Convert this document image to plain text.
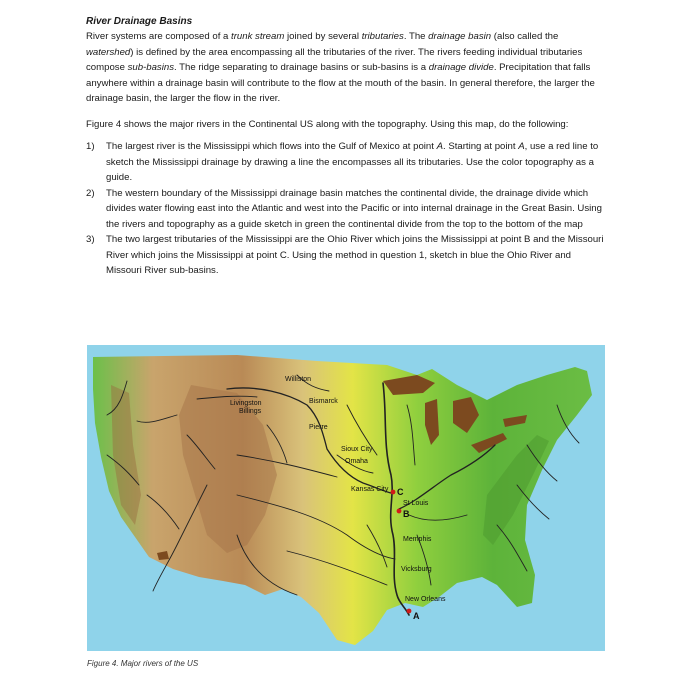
River Drainage Basins

River systems are composed of a trunk stream joined by several tributaries. The drainage basin (also called the watershed) is defined by the area encompassing all the tributaries of the river. The rivers feeding individual tributaries compose sub-basins. The ridge separating to drainage basins or sub-basins is a drainage divide. Precipitation that falls anywhere within a drainage basin will contribute to the flow at the mouth of the basin. In general therefore, the larger the drainage basin, the larger the flow in the river.

Figure 4 shows the major rivers in the Continental US along with the topography. Using this map, do the following:

1) The largest river is the Mississippi which flows into the Gulf of Mexico at point A. Starting at point A, use a red line to sketch the Mississippi drainage by drawing a line the encompasses all its tributaries. Use the color topography as a guide.
2) The western boundary of the Mississippi drainage basin matches the continental divide, the drainage divide which divides water flowing east into the Atlantic and west into the Pacific or into internal drainage in the Great Basin. Using the rivers and topography as a guide sketch in green the continental divide from the top to the bottom of the map
3) The two largest tributaries of the Mississippi are the Ohio River which joins the Mississippi at point B and the Missouri River which joins the Mississippi at point C. Using the method in question 1, sketch in blue the Ohio River and Missouri River sub-basins.
Williston
Bismarck
Livingston
Billings
Pierre
Sioux City
Omaha
Kansas City
St Louis
Memphis
Vicksburg
New Orleans
C
B
A
Figure 4. Major rivers of the US
